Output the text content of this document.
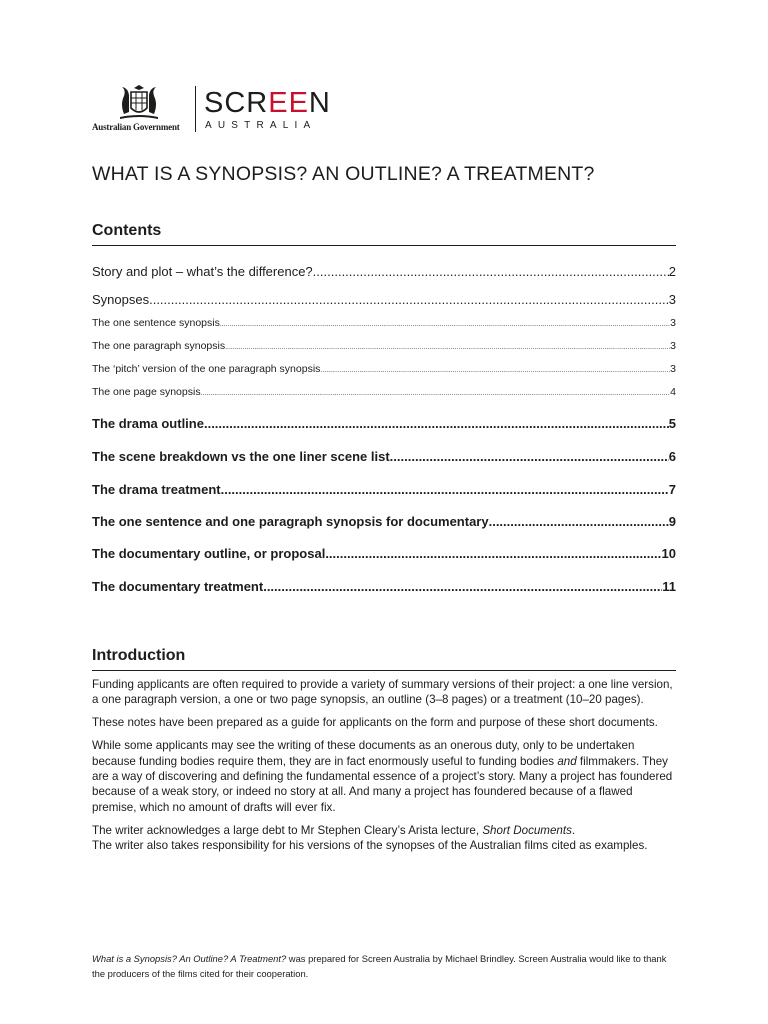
Australian Government
SCREEN
AUSTRALIA
WHAT IS A SYNOPSIS? AN OUTLINE? A TREATMENT?
Contents
Story and plot – what’s the difference? .....	2
Synopses .....	3
The one sentence synopsis .....	3
The one paragraph synopsis .....	3
The ‘pitch’ version of the one paragraph synopsis .....	3
The one page synopsis .....	4
The drama outline .....	5
The scene breakdown vs the one liner scene list .....	6
The drama treatment .....	7
The one sentence and one paragraph synopsis for documentary .....	9
The documentary outline, or proposal .....	10
The documentary treatment .....	11
Introduction

Funding applicants are often required to provide a variety of summary versions of their project: a one line version, a one paragraph version, a one or two page synopsis, an outline (3–8 pages) or a treatment (10–20 pages).

These notes have been prepared as a guide for applicants on the form and purpose of these short documents.

While some applicants may see the writing of these documents as an onerous duty, only to be undertaken because funding bodies require them, they are in fact enormously useful to funding bodies and filmmakers. They are a way of discovering and defining the fundamental essence of a project’s story. Many a project has foundered because of a weak story, or indeed no story at all. And many a project has foundered because of a flawed premise, which no amount of drafts will ever fix.

The writer acknowledges a large debt to Mr Stephen Cleary’s Arista lecture, Short Documents.
The writer also takes responsibility for his versions of the synopses of the Australian films cited as examples.

What is a Synopsis? An Outline? A Treatment? was prepared for Screen Australia by Michael Brindley. Screen Australia would like to thank the producers of the films cited for their cooperation.
